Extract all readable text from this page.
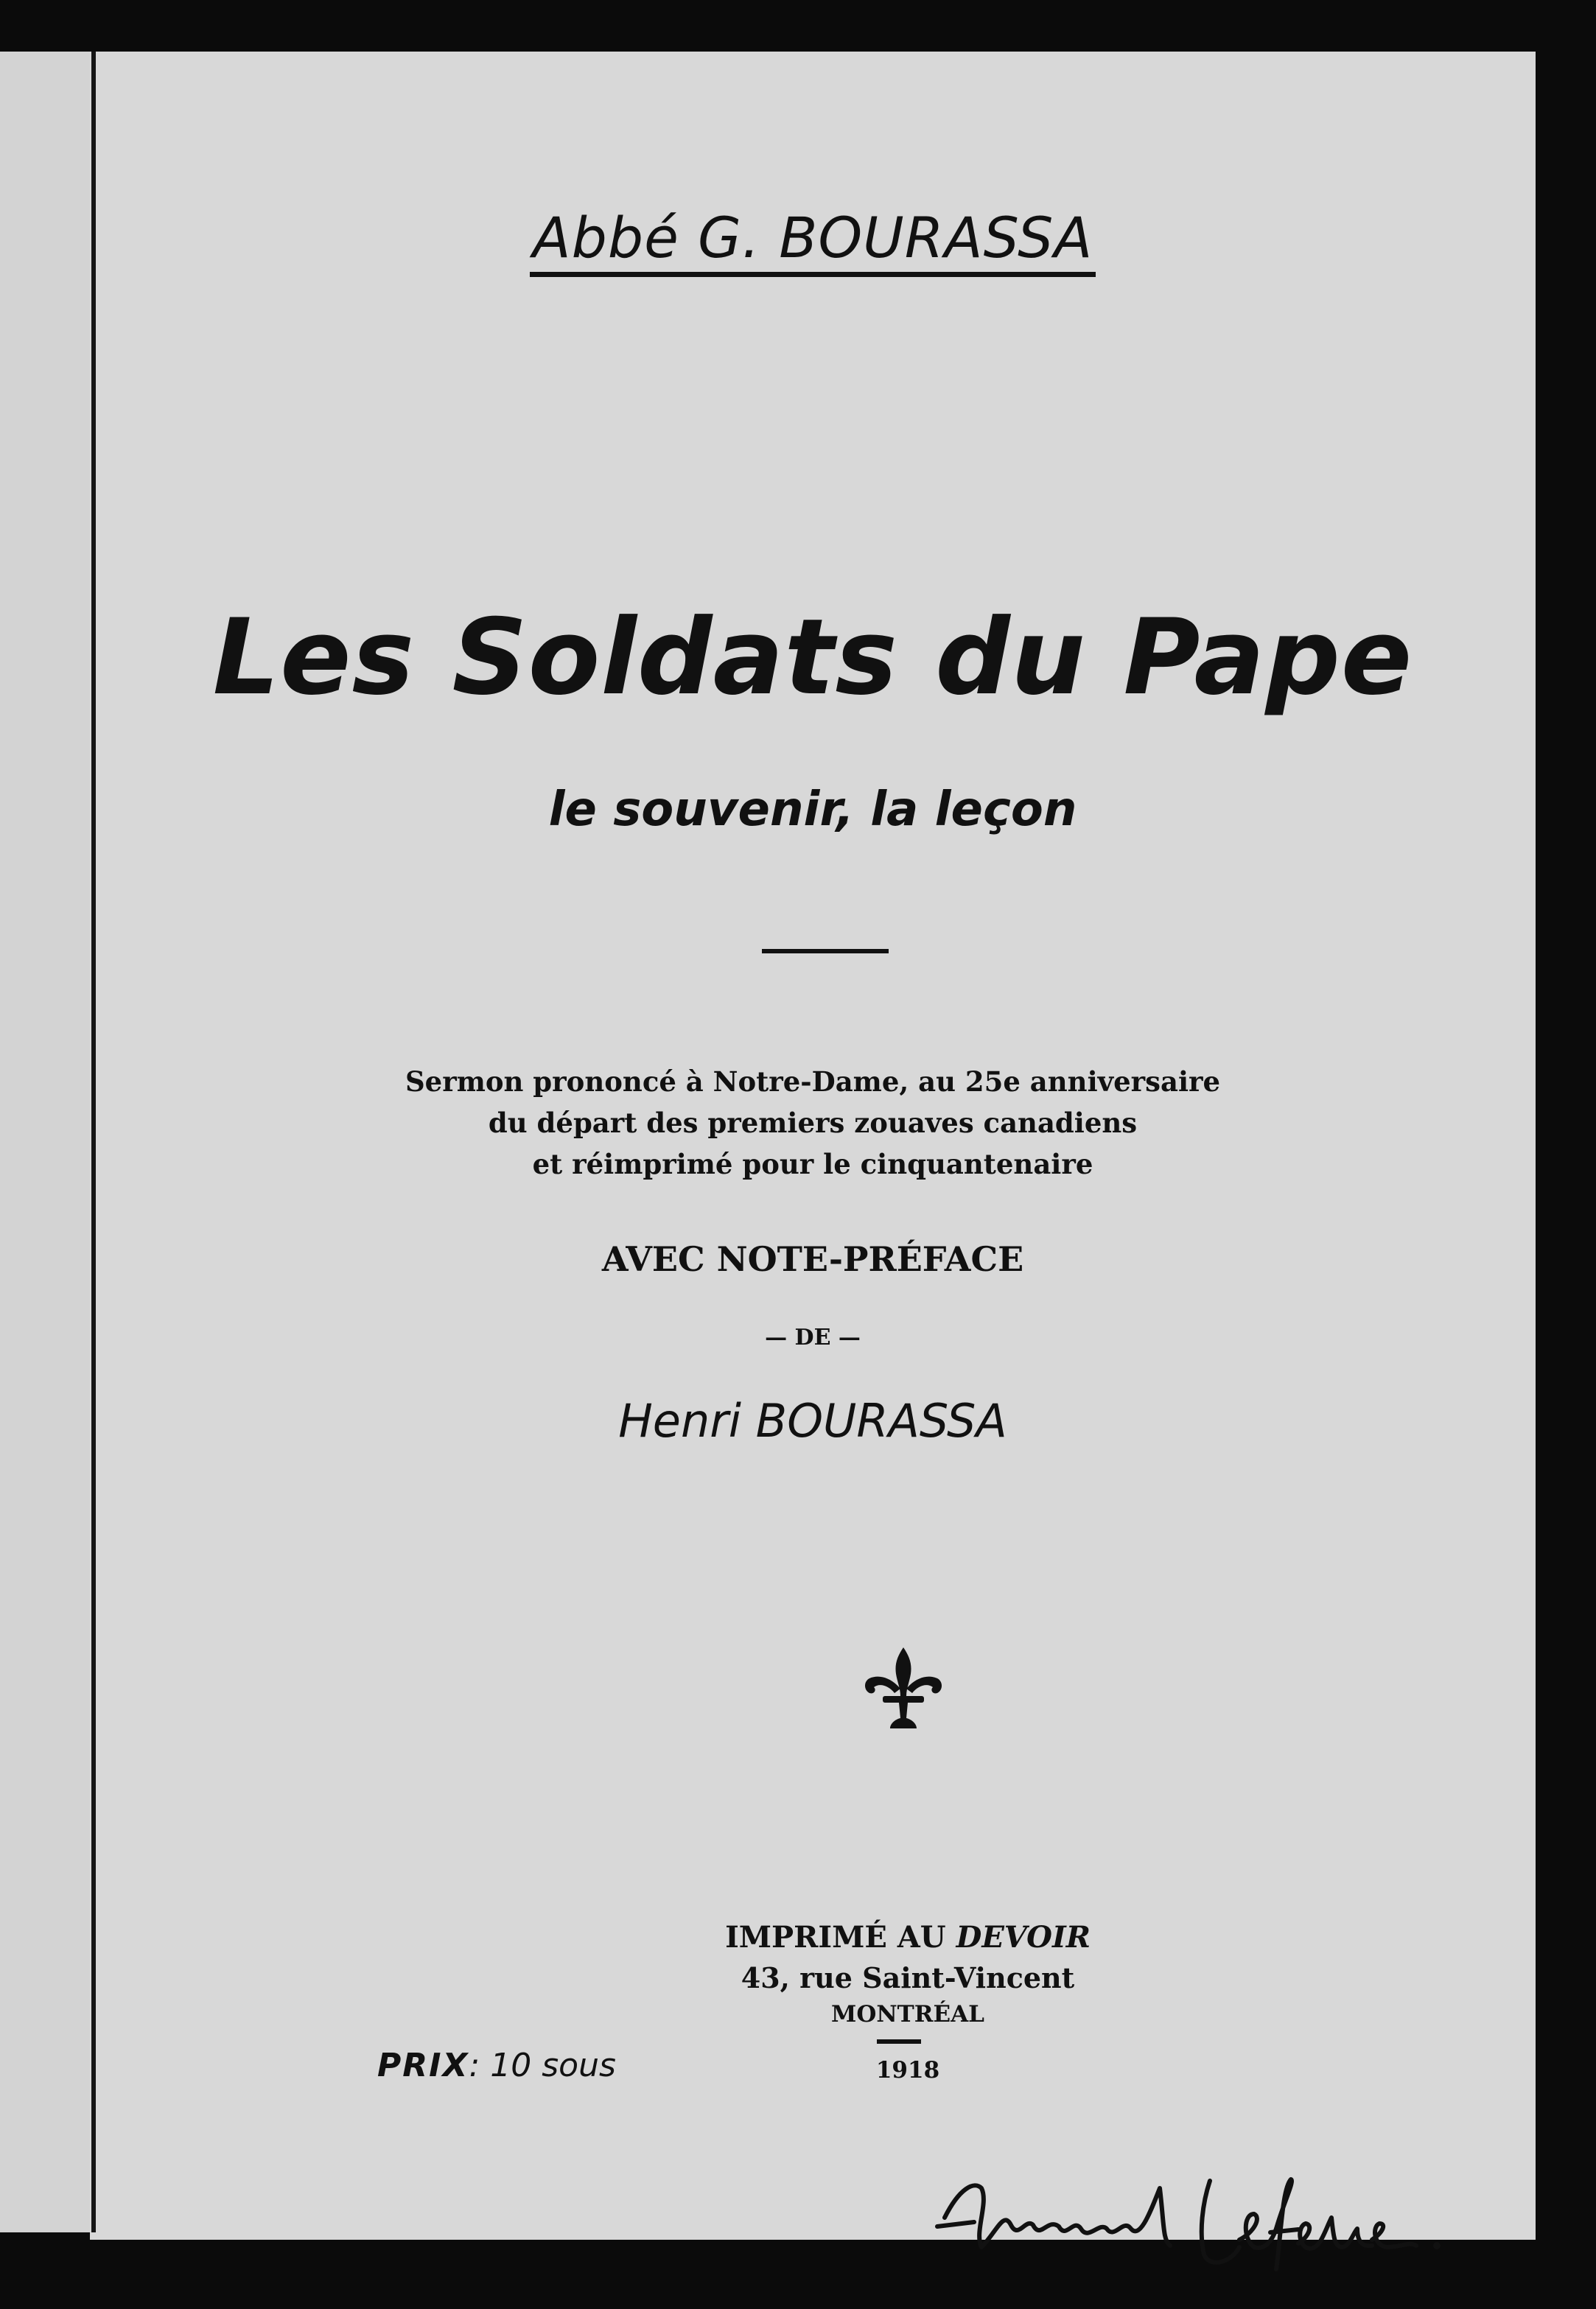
Abbé G. BOURASSA
Les Soldats du Pape
le souvenir, la leçon
Sermon prononcé à Notre-Dame, au 25e anniversaire
du départ des premiers zouaves canadiens
et réimprimé pour le cinquantenaire
AVEC NOTE-PRÉFACE
— DE —
Henri BOURASSA
IMPRIMÉ AU DEVOIR
43, rue Saint-Vincent
MONTRÉAL
1918
PRIX: 10 sous
